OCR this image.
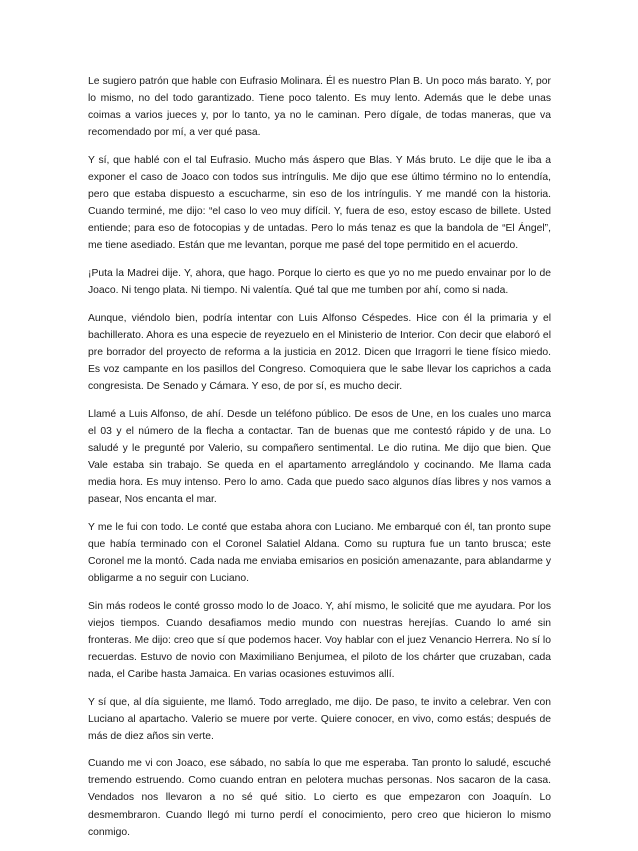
Le sugiero patrón que hable con Eufrasio Molinara. Él es nuestro Plan B. Un poco más barato. Y, por lo mismo, no del todo garantizado. Tiene poco talento. Es muy lento. Además que le debe unas coimas a varios jueces y, por lo tanto, ya no le caminan. Pero dígale, de todas maneras, que va recomendado por mí, a ver qué pasa.

Y sí, que hablé con el tal Eufrasio. Mucho más áspero que Blas. Y Más bruto. Le dije que le iba a exponer el caso de Joaco con todos sus intríngulis. Me dijo que ese último término no lo entendía, pero que estaba dispuesto a escucharme, sin eso de los intríngulis. Y me mandé con la historia. Cuando terminé, me dijo: “el caso lo veo muy difícil. Y, fuera de eso, estoy escaso de billete. Usted entiende; para eso de fotocopias y de untadas. Pero lo más tenaz es que la bandola de “El Ángel”, me tiene asediado. Están que me levantan, porque me pasé del tope permitido en el acuerdo.

¡Puta la Madrei dije. Y, ahora, que hago. Porque lo cierto es que yo no me puedo envainar por lo de Joaco. Ni tengo plata. Ni tiempo. Ni valentía. Qué tal que me tumben por ahí, como si nada.

Aunque, viéndolo bien, podría intentar con Luis Alfonso Céspedes. Hice con él la primaria y el bachillerato. Ahora es una especie de reyezuelo en el Ministerio de Interior. Con decir que elaboró el pre borrador del proyecto de reforma a la justicia en 2012. Dicen que Irragorri le tiene físico miedo. Es voz campante en los pasillos del Congreso. Comoquiera que le sabe llevar los caprichos a cada congresista. De Senado y Cámara. Y eso, de por sí, es mucho decir.

Llamé a Luis Alfonso, de ahí. Desde un teléfono público. De esos de Une, en los cuales uno marca el 03 y el número de la flecha a contactar. Tan de buenas que me contestó rápido y de una. Lo saludé y le pregunté por Valerio, su compañero sentimental. Le dio rutina. Me dijo que bien. Que Vale estaba sin trabajo. Se queda en el apartamento arreglándolo y cocinando. Me llama cada media hora. Es muy intenso. Pero lo amo. Cada que puedo saco algunos días libres y nos vamos a pasear, Nos encanta el mar.

Y me le fui con todo. Le conté que estaba ahora con Luciano. Me embarqué con él, tan pronto supe que había terminado con el Coronel Salatiel Aldana. Como su ruptura fue un tanto brusca; este Coronel me la montó. Cada nada me enviaba emisarios en posición amenazante, para ablandarme y obligarme a no seguir con Luciano.

Sin más rodeos le conté grosso modo lo de Joaco. Y, ahí mismo, le solicité que me ayudara. Por los viejos tiempos. Cuando desafiamos medio mundo con nuestras herejías. Cuando lo amé sin fronteras. Me dijo: creo que sí que podemos hacer. Voy hablar con el juez Venancio Herrera. No sí lo recuerdas. Estuvo de novio con Maximiliano Benjumea, el piloto de los chárter que cruzaban, cada nada, el Caribe hasta Jamaica. En varias ocasiones estuvimos allí.

Y sí que, al día siguiente, me llamó. Todo arreglado, me dijo. De paso, te invito a celebrar. Ven con Luciano al apartacho. Valerio se muere por verte. Quiere conocer, en vivo, como estás; después de más de diez años sin verte.

Cuando me vi con Joaco, ese sábado, no sabía lo que me esperaba. Tan pronto lo saludé, escuché tremendo estruendo. Como cuando entran en pelotera muchas personas. Nos sacaron de la casa. Vendados nos llevaron a no sé qué sitio. Lo cierto es que empezaron con Joaquín. Lo desmembraron. Cuando llegó mi turno perdí el conocimiento, pero creo que hicieron lo mismo conmigo.
